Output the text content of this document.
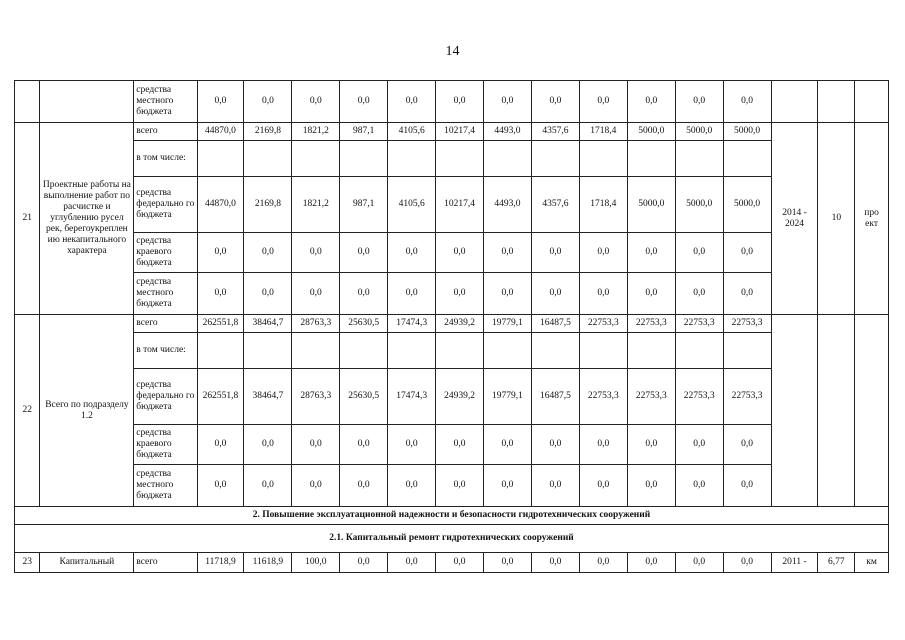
14
		средства местного бюджета	0,0	0,0	0,0	0,0	0,0	0,0	0,0	0,0	0,0	0,0	0,0	0,0			
21	Проектные работы на выполнение работ по расчистке и углублению русел рек, берегоукреплен ию некапитального характера	всего	44870,0	2169,8	1821,2	987,1	4105,6	10217,4	4493,0	4357,6	1718,4	5000,0	5000,0	5000,0	2014 - 2024	10	про ект
		в том числе:															
		средства федерально го бюджета	44870,0	2169,8	1821,2	987,1	4105,6	10217,4	4493,0	4357,6	1718,4	5000,0	5000,0	5000,0			
		средства краевого бюджета	0,0	0,0	0,0	0,0	0,0	0,0	0,0	0,0	0,0	0,0	0,0	0,0			
		средства местного бюджета	0,0	0,0	0,0	0,0	0,0	0,0	0,0	0,0	0,0	0,0	0,0	0,0			
22	Всего по подразделу 1.2	всего	262551,8	38464,7	28763,3	25630,5	17474,3	24939,2	19779,1	16487,5	22753,3	22753,3	22753,3	22753,3			
		в том числе:															
		средства федерально го бюджета	262551,8	38464,7	28763,3	25630,5	17474,3	24939,2	19779,1	16487,5	22753,3	22753,3	22753,3	22753,3			
		средства краевого бюджета	0,0	0,0	0,0	0,0	0,0	0,0	0,0	0,0	0,0	0,0	0,0	0,0			
		средства местного бюджета	0,0	0,0	0,0	0,0	0,0	0,0	0,0	0,0	0,0	0,0	0,0	0,0			
2. Повышение эксплуатационной надежности и безопасности гидротехнических сооружений																	
2.1. Капитальный ремонт гидротехнических сооружений																	
23	Капитальный	всего	11718,9	11618,9	100,0	0,0	0,0	0,0	0,0	0,0	0,0	0,0	0,0	0,0	2011 -	6,77	км
